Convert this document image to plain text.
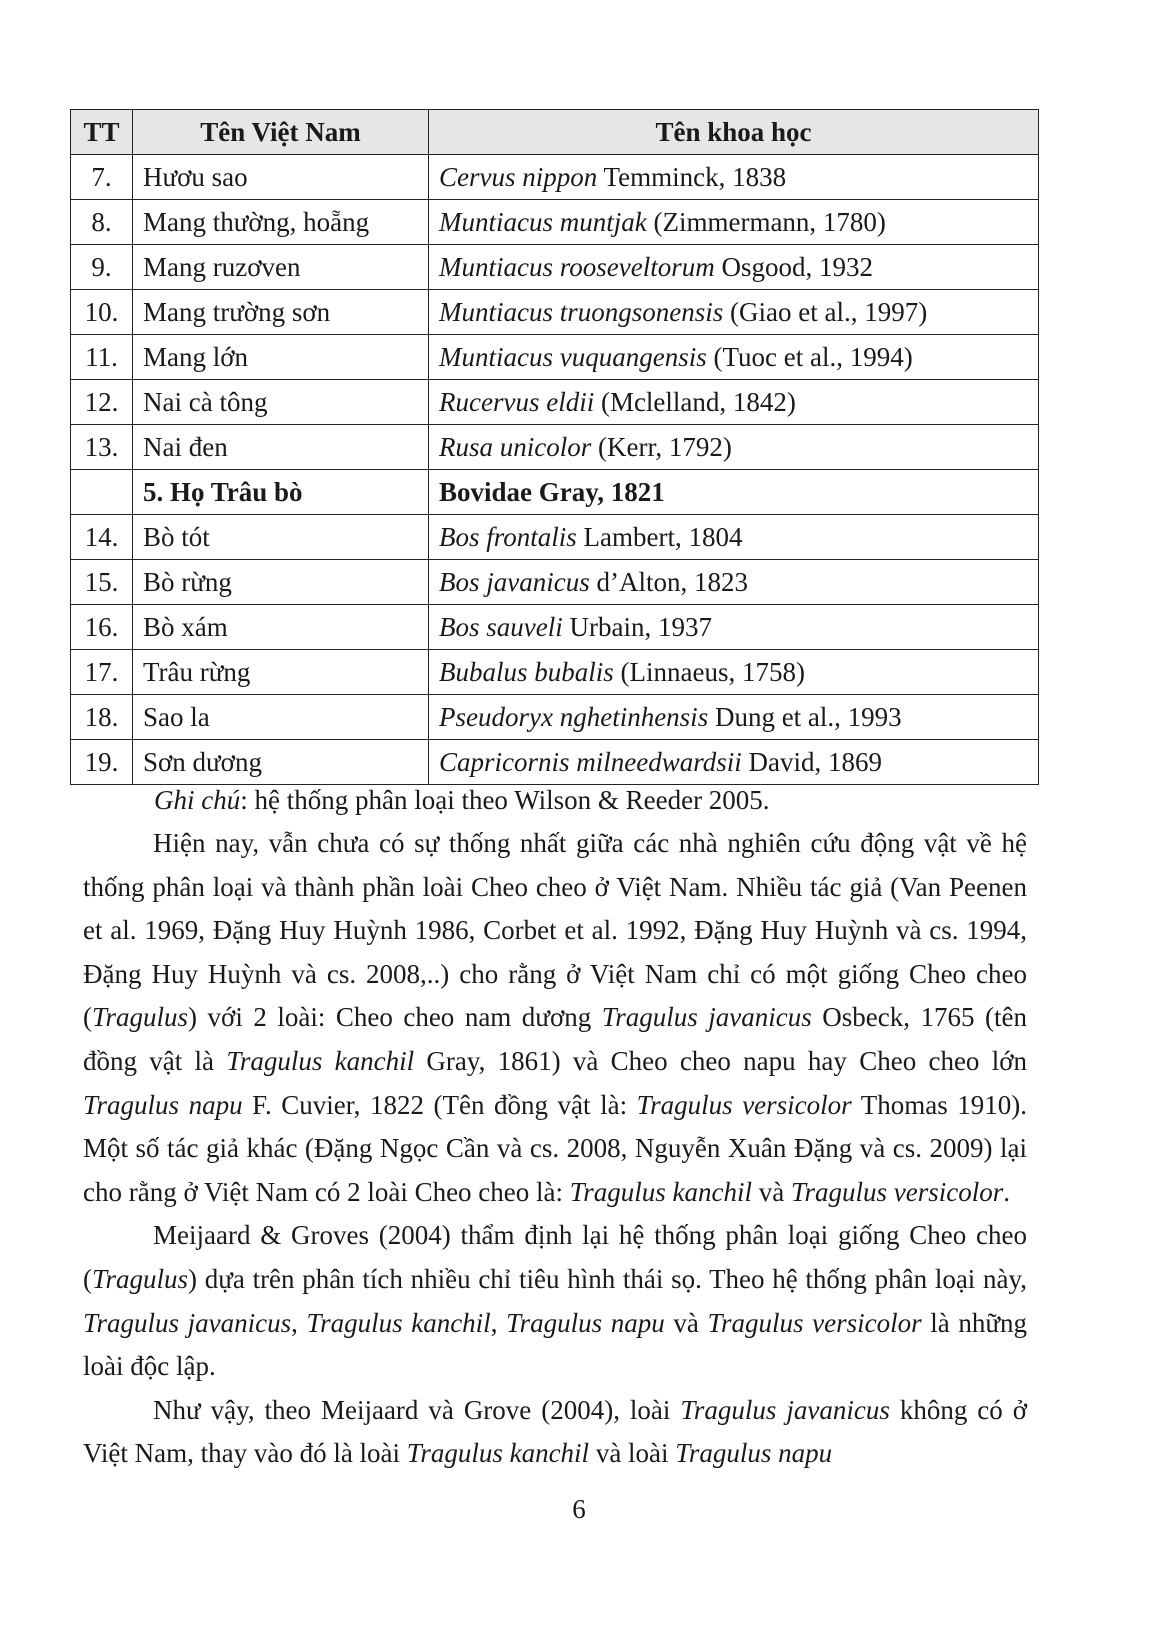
TT	Tên Việt Nam	Tên khoa học
7.	Hươu sao	Cervus nippon Temminck, 1838
8.	Mang thường, hoẵng	Muntiacus muntjak (Zimmermann, 1780)
9.	Mang ruzơven	Muntiacus rooseveltorum Osgood, 1932
10.	Mang trường sơn	Muntiacus truongsonensis (Giao et al., 1997)
11.	Mang lớn	Muntiacus vuquangensis (Tuoc et al., 1994)
12.	Nai cà tông	Rucervus eldii (Mclelland, 1842)
13.	Nai đen	Rusa unicolor (Kerr, 1792)
	5. Họ Trâu bò	Bovidae Gray, 1821
14.	Bò tót	Bos frontalis Lambert, 1804
15.	Bò rừng	Bos javanicus d’Alton, 1823
16.	Bò xám	Bos sauveli Urbain, 1937
17.	Trâu rừng	Bubalus bubalis (Linnaeus, 1758)
18.	Sao la	Pseudoryx nghetinhensis Dung et al., 1993
19.	Sơn dương	Capricornis milneedwardsii David, 1869
Ghi chú: hệ thống phân loại theo Wilson & Reeder 2005.

Hiện nay, vẫn chưa có sự thống nhất giữa các nhà nghiên cứu động vật về hệ thống phân loại và thành phần loài Cheo cheo ở Việt Nam. Nhiều tác giả (Van Peenen et al. 1969, Đặng Huy Huỳnh 1986, Corbet et al. 1992, Đặng Huy Huỳnh và cs. 1994, Đặng Huy Huỳnh và cs. 2008,..) cho rằng ở Việt Nam chỉ có một giống Cheo cheo (Tragulus) với 2 loài: Cheo cheo nam dương Tragulus javanicus Osbeck, 1765 (tên đồng vật là Tragulus kanchil Gray, 1861) và Cheo cheo napu hay Cheo cheo lớn Tragulus napu F. Cuvier, 1822 (Tên đồng vật là: Tragulus versicolor Thomas 1910). Một số tác giả khác (Đặng Ngọc Cần và cs. 2008, Nguyễn Xuân Đặng và cs. 2009) lại cho rằng ở Việt Nam có 2 loài Cheo cheo là: Tragulus kanchil và Tragulus versicolor.

Meijaard & Groves (2004) thẩm định lại hệ thống phân loại giống Cheo cheo (Tragulus) dựa trên phân tích nhiều chỉ tiêu hình thái sọ. Theo hệ thống phân loại này, Tragulus javanicus, Tragulus kanchil, Tragulus napu và Tragulus versicolor là những loài độc lập.

Như vậy, theo Meijaard và Grove (2004), loài Tragulus javanicus không có ở Việt Nam, thay vào đó là loài Tragulus kanchil và loài Tragulus napu

6
